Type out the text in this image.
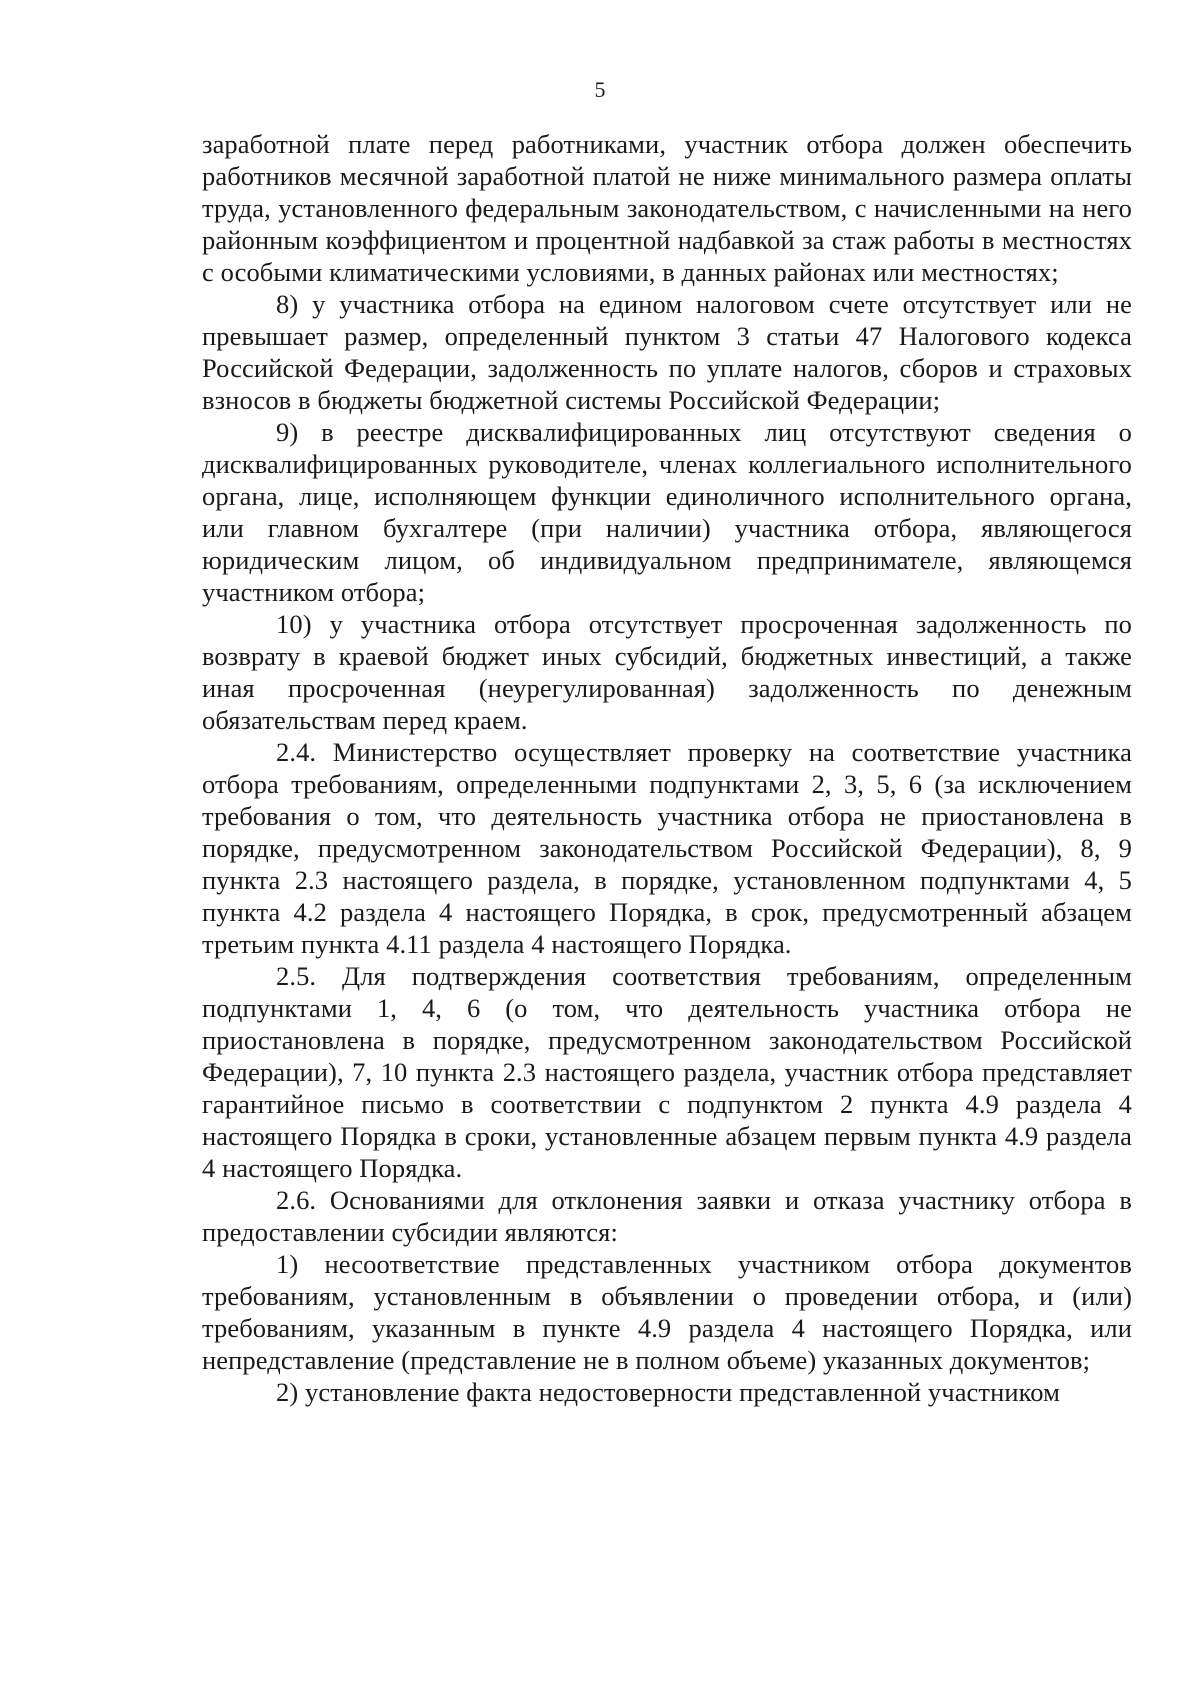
5

заработной плате перед работниками, участник отбора должен обеспечить работников месячной заработной платой не ниже минимального размера оплаты труда, установленного федеральным законодательством, с начисленными на него районным коэффициентом и процентной надбавкой за стаж работы в местностях с особыми климатическими условиями, в данных районах или местностях;

8) у участника отбора на едином налоговом счете отсутствует или не превышает размер, определенный пунктом 3 статьи 47 Налогового кодекса Российской Федерации, задолженность по уплате налогов, сборов и страховых взносов в бюджеты бюджетной системы Российской Федерации;

9) в реестре дисквалифицированных лиц отсутствуют сведения о дисквалифицированных руководителе, членах коллегиального исполнительного органа, лице, исполняющем функции единоличного исполнительного органа, или главном бухгалтере (при наличии) участника отбора, являющегося юридическим лицом, об индивидуальном предпринимателе, являющемся участником отбора;

10) у участника отбора отсутствует просроченная задолженность по возврату в краевой бюджет иных субсидий, бюджетных инвестиций, а также иная просроченная (неурегулированная) задолженность по денежным обязательствам перед краем.

2.4. Министерство осуществляет проверку на соответствие участника отбора требованиям, определенными подпунктами 2, 3, 5, 6 (за исключением требования о том, что деятельность участника отбора не приостановлена в порядке, предусмотренном законодательством Российской Федерации), 8, 9 пункта 2.3 настоящего раздела, в порядке, установленном подпунктами 4, 5 пункта 4.2 раздела 4 настоящего Порядка, в срок, предусмотренный абзацем третьим пункта 4.11 раздела 4 настоящего Порядка.

2.5. Для подтверждения соответствия требованиям, определенным подпунктами 1, 4, 6 (о том, что деятельность участника отбора не приостановлена в порядке, предусмотренном законодательством Российской Федерации), 7, 10 пункта 2.3 настоящего раздела, участник отбора представляет гарантийное письмо в соответствии с подпунктом 2 пункта 4.9 раздела 4 настоящего Порядка в сроки, установленные абзацем первым пункта 4.9 раздела 4 настоящего Порядка.

2.6. Основаниями для отклонения заявки и отказа участнику отбора в предоставлении субсидии являются:

1) несоответствие представленных участником отбора документов требованиям, установленным в объявлении о проведении отбора, и (или) требованиям, указанным в пункте 4.9 раздела 4 настоящего Порядка, или непредставление (представление не в полном объеме) указанных документов;

2) установление факта недостоверности представленной участником
